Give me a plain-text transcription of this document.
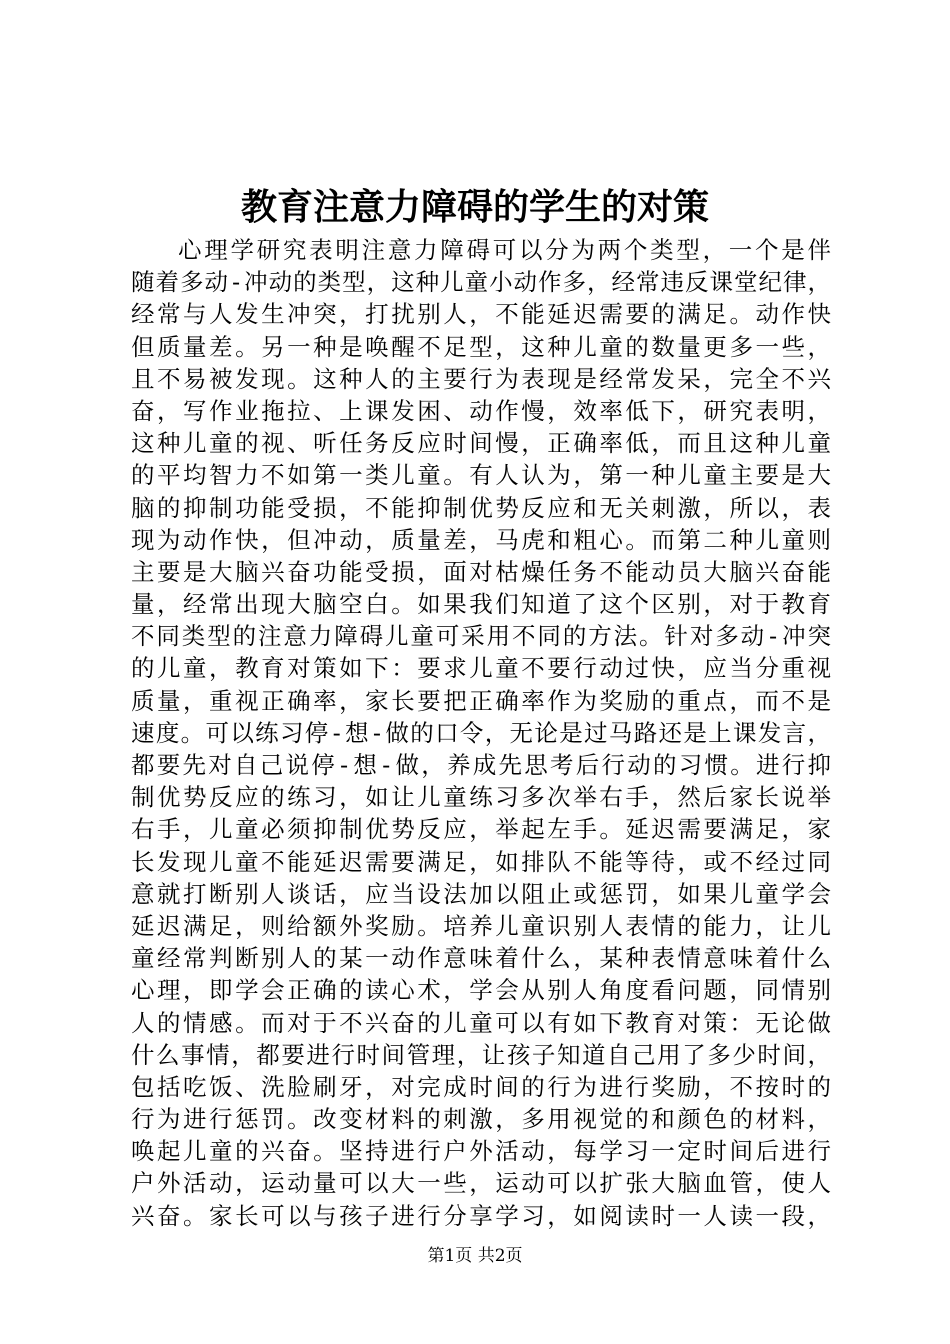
教育注意力障碍的学生的对策
心理学研究表明注意力障碍可以分为两个类型，一个是伴
随着多动-冲动的类型，这种儿童小动作多，经常违反课堂纪律，
经常与人发生冲突，打扰别人，不能延迟需要的满足。动作快
但质量差。另一种是唤醒不足型，这种儿童的数量更多一些，
且不易被发现。这种人的主要行为表现是经常发呆，完全不兴
奋，写作业拖拉、上课发困、动作慢，效率低下，研究表明，
这种儿童的视、听任务反应时间慢，正确率低，而且这种儿童
的平均智力不如第一类儿童。有人认为，第一种儿童主要是大
脑的抑制功能受损，不能抑制优势反应和无关刺激，所以，表
现为动作快，但冲动，质量差，马虎和粗心。而第二种儿童则
主要是大脑兴奋功能受损，面对枯燥任务不能动员大脑兴奋能
量，经常出现大脑空白。如果我们知道了这个区别，对于教育
不同类型的注意力障碍儿童可采用不同的方法。针对多动-冲突
的儿童，教育对策如下：要求儿童不要行动过快，应当分重视
质量，重视正确率，家长要把正确率作为奖励的重点，而不是
速度。可以练习停-想-做的口令，无论是过马路还是上课发言，
都要先对自己说停-想-做，养成先思考后行动的习惯。进行抑
制优势反应的练习，如让儿童练习多次举右手，然后家长说举
右手，儿童必须抑制优势反应，举起左手。延迟需要满足，家
长发现儿童不能延迟需要满足，如排队不能等待，或不经过同
意就打断别人谈话，应当设法加以阻止或惩罚，如果儿童学会
延迟满足，则给额外奖励。培养儿童识别人表情的能力，让儿
童经常判断别人的某一动作意味着什么，某种表情意味着什么
心理，即学会正确的读心术，学会从别人角度看问题，同情别
人的情感。而对于不兴奋的儿童可以有如下教育对策：无论做
什么事情，都要进行时间管理，让孩子知道自己用了多少时间，
包括吃饭、洗脸刷牙，对完成时间的行为进行奖励，不按时的
行为进行惩罚。改变材料的刺激，多用视觉的和颜色的材料，
唤起儿童的兴奋。坚持进行户外活动，每学习一定时间后进行
户外活动，运动量可以大一些，运动可以扩张大脑血管，使人
兴奋。家长可以与孩子进行分享学习，如阅读时一人读一段，
第1页 共2页
